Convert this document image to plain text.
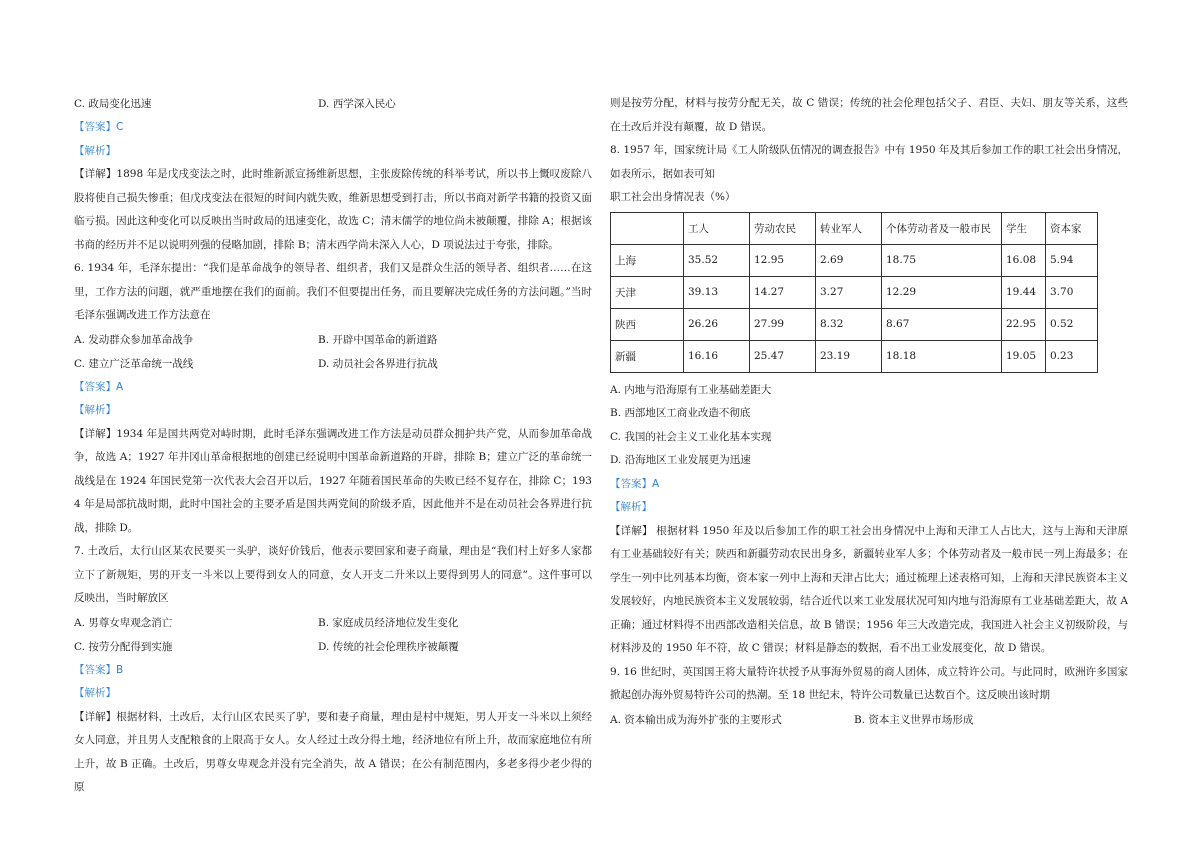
C. 政局变化迅速	D. 西学深入民心

【答案】C

【解析】

【详解】1898 年是戊戌变法之时，此时维新派宣扬维新思想，主张废除传统的科举考试，所以书上慨叹废除八股将使自己损失惨重；但戊戌变法在很短的时间内就失败，维新思想受到打击，所以书商对新学书籍的投资又面临亏损。因此这种变化可以反映出当时政局的迅速变化，故选 C；清末儒学的地位尚未被颠覆，排除 A；根据该书商的经历并不足以说明列强的侵略加剧，排除 B；清末西学尚未深入人心，D 项说法过于夸张，排除。

6. 1934 年，毛泽东提出：“我们是革命战争的领导者、组织者，我们又是群众生活的领导者、组织者……在这里，工作方法的问题，就严重地摆在我们的面前。我们不但要提出任务，而且要解决完成任务的方法问题。”当时毛泽东强调改进工作方法意在

A. 发动群众参加革命战争	B. 开辟中国革命的新道路
C. 建立广泛革命统一战线	D. 动员社会各界进行抗战

【答案】A

【解析】

【详解】1934 年是国共两党对峙时期，此时毛泽东强调改进工作方法是动员群众拥护共产党，从而参加革命战争，故选 A；1927 年井冈山革命根据地的创建已经说明中国革命新道路的开辟，排除 B；建立广泛的革命统一战线是在 1924 年国民党第一次代表大会召开以后，1927 年随着国民革命的失败已经不复存在，排除 C；1934 年是局部抗战时期，此时中国社会的主要矛盾是国共两党间的阶级矛盾，因此他并不是在动员社会各界进行抗战，排除 D。

7. 土改后，太行山区某农民要买一头驴，谈好价钱后，他表示要回家和妻子商量，理由是“我们村上好多人家都立下了新规矩，男的开支一斗米以上要得到女人的同意，女人开支二升米以上要得到男人的同意”。这件事可以反映出，当时解放区

A. 男尊女卑观念消亡	B. 家庭成员经济地位发生变化
C. 按劳分配得到实施	D. 传统的社会伦理秩序被颠覆

【答案】B

【解析】

【详解】根据材料，土改后，太行山区农民买了驴，要和妻子商量，理由是村中规矩，男人开支一斗米以上须经女人同意，并且男人支配粮食的上限高于女人。女人经过土改分得土地，经济地位有所上升，故而家庭地位有所上升，故 B 正确。土改后，男尊女卑观念并没有完全消失，故 A 错误；在公有制范围内，多老多得少老少得的原

则是按劳分配，材料与按劳分配无关，故 C 错误；传统的社会伦理包括父子、君臣、夫妇、朋友等关系，这些在土改后并没有颠覆，故 D 错误。

8. 1957 年，国家统计局《工人阶级队伍情况的调查报告》中有 1950 年及其后参加工作的职工社会出身情况，如表所示，据如表可知

职工社会出身情况表（%）

	工人	劳动农民	转业军人	个体劳动者及一般市民	学生	资本家
上海	35.52	12.95	2.69	18.75	16.08	5.94
天津	39.13	14.27	3.27	12.29	19.44	3.70
陕西	26.26	27.99	8.32	8.67	22.95	0.52
新疆	16.16	25.47	23.19	18.18	19.05	0.23

A. 内地与沿海原有工业基础差距大

B. 西部地区工商业改造不彻底

C. 我国的社会主义工业化基本实现

D. 沿海地区工业发展更为迅速

【答案】A

【解析】

【详解】 根据材料 1950 年及以后参加工作的职工社会出身情况中上海和天津工人占比大，这与上海和天津原有工业基础较好有关；陕西和新疆劳动农民出身多，新疆转业军人多；个体劳动者及一般市民一列上海最多；在学生一列中比列基本均衡，资本家一列中上海和天津占比大；通过梳理上述表格可知，上海和天津民族资本主义发展较好，内地民族资本主义发展较弱，结合近代以来工业发展状况可知内地与沿海原有工业基础差距大，故 A 正确；通过材料得不出西部改造相关信息，故 B 错误；1956 年三大改造完成，我国进入社会主义初级阶段，与材料涉及的 1950 年不符，故 C 错误；材料是静态的数据，看不出工业发展变化，故 D 错误。

9. 16 世纪时，英国国王将大量特许状授予从事海外贸易的商人团体，成立特许公司。与此同时，欧洲许多国家掀起创办海外贸易特许公司的热潮。至 18 世纪末，特许公司数量已达数百个。这反映出该时期

A. 资本输出成为海外扩张的主要形式	B. 资本主义世界市场形成
